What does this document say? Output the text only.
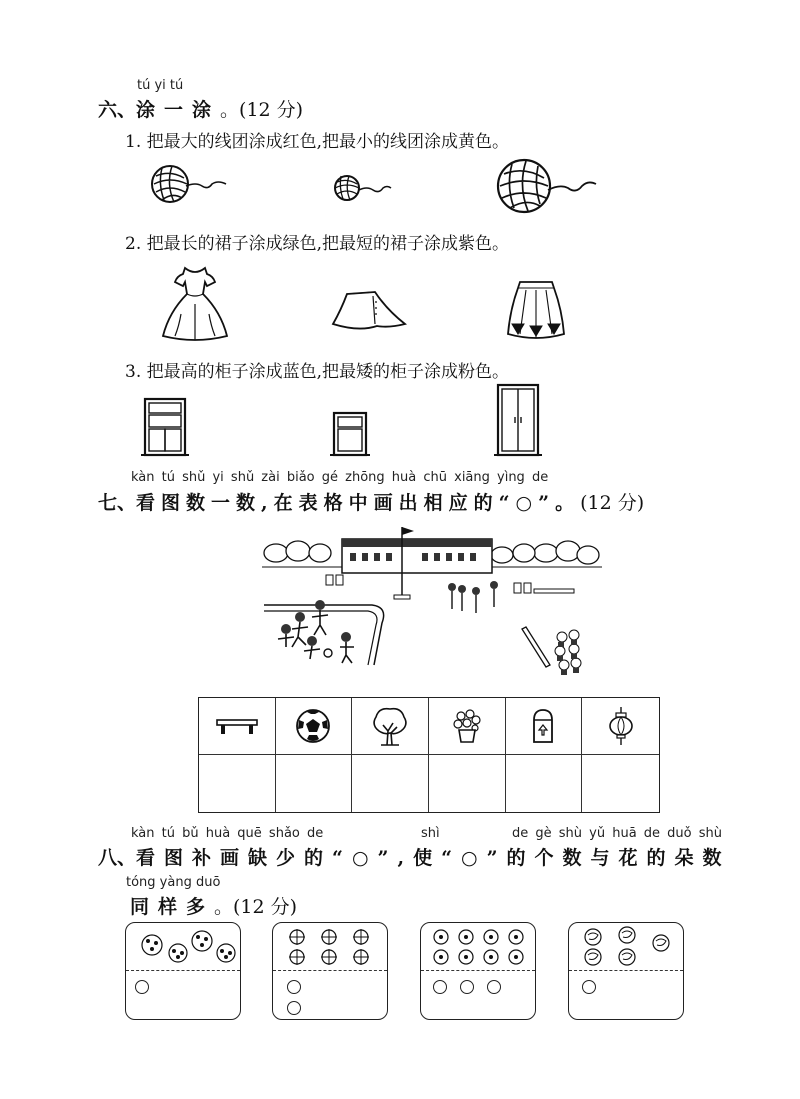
tú yi tú
六、涂一涂。(12 分)
1. 把最大的线团涂成红色,把最小的线团涂成黄色。
2. 把最长的裙子涂成绿色,把最短的裙子涂成紫色。
3. 把最高的柜子涂成蓝色,把最矮的柜子涂成粉色。
kàn tú shǔ yi shǔ zài biǎo gé zhōng huà chū xiāng yìng de
七、看图数一数,在表格中画出相应的“○”。(12 分)
kàn tú bǔ huà quē shǎo de	shì	de gè shù yǔ huā de duǒ shù
八、看图补画缺少的“○”,使“○”的个数与花的朵数
tóng yàng duō
同样多。(12 分)
